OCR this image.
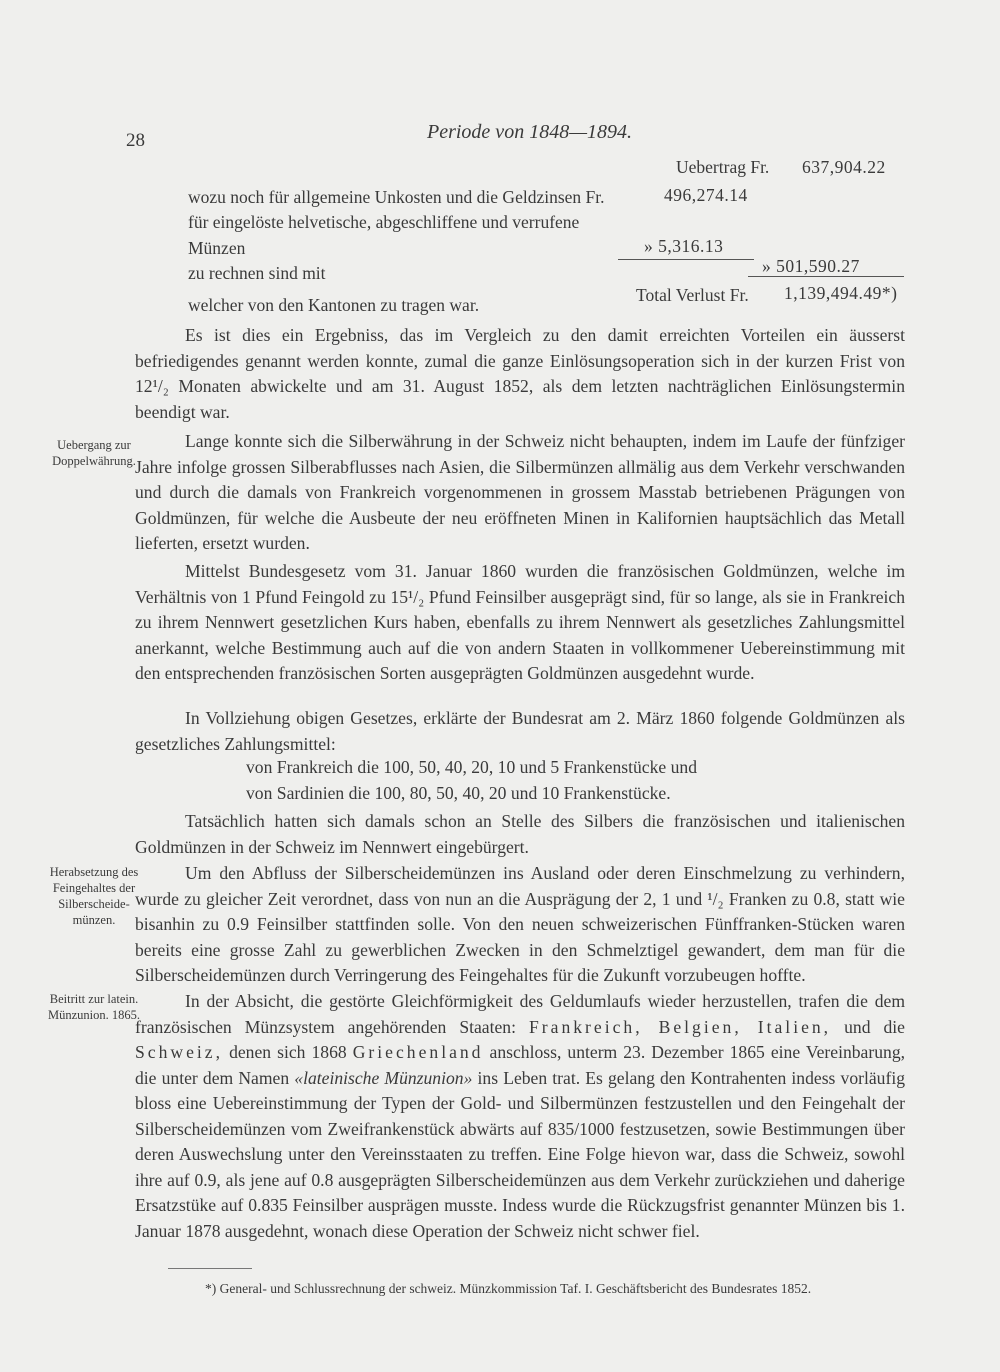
28	Periode von 1848—1894.
Uebertrag Fr. 637,904.22
wozu noch für allgemeine Unkosten und die Geldzinsen Fr.	496,274.14
für eingelöste helvetische, abgeschliffene und verrufene
Münzen	» 5,316.13
zu rechnen sind mit	» 501,590.27
Total Verlust Fr. 1,139,494.49*)
welcher von den Kantonen zu tragen war.
Uebergang zur Doppelwährung.
Herabsetzung des Feingehaltes der Silberscheidemünzen.
Beitritt zur latein. Münzunion. 1865.
Es ist dies ein Ergebniss, das im Vergleich zu den damit erreichten Vorteilen ein äusserst befriedigendes genannt werden konnte, zumal die ganze Einlösungsoperation sich in der kurzen Frist von 12¹/₂ Monaten abwickelte und am 31. August 1852, als dem letzten nachträglichen Einlösungstermin beendigt war.
Lange konnte sich die Silberwährung in der Schweiz nicht behaupten, indem im Laufe der fünfziger Jahre infolge grossen Silberabflusses nach Asien, die Silbermünzen allmälig aus dem Verkehr verschwanden und durch die damals von Frankreich vorgenommenen in grossem Masstab betriebenen Prägungen von Goldmünzen, für welche die Ausbeute der neu eröffneten Minen in Kalifornien hauptsächlich das Metall lieferten, ersetzt wurden.
Mittelst Bundesgesetz vom 31. Januar 1860 wurden die französischen Goldmünzen, welche im Verhältnis von 1 Pfund Feingold zu 15¹/₂ Pfund Feinsilber ausgeprägt sind, für so lange, als sie in Frankreich zu ihrem Nennwert gesetzlichen Kurs haben, ebenfalls zu ihrem Nennwert als gesetzliches Zahlungsmittel anerkannt, welche Bestimmung auch auf die von andern Staaten in vollkommener Uebereinstimmung mit den entsprechenden französischen Sorten ausgeprägten Goldmünzen ausgedehnt wurde.
In Vollziehung obigen Gesetzes, erklärte der Bundesrat am 2. März 1860 folgende Goldmünzen als gesetzliches Zahlungsmittel:
von Frankreich die 100, 50, 40, 20, 10 und 5 Frankenstücke und
von Sardinien die 100, 80, 50, 40, 20 und 10 Frankenstücke.
Tatsächlich hatten sich damals schon an Stelle des Silbers die französischen und italienischen Goldmünzen in der Schweiz im Nennwert eingebürgert.
Um den Abfluss der Silberscheidemünzen ins Ausland oder deren Einschmelzung zu verhindern, wurde zu gleicher Zeit verordnet, dass von nun an die Ausprägung der 2, 1 und ¹/₂ Franken zu 0.8, statt wie bisanhin zu 0.9 Feinsilber stattfinden solle. Von den neuen schweizerischen Fünffranken-Stücken waren bereits eine grosse Zahl zu gewerblichen Zwecken in den Schmelztigel gewandert, dem man für die Silberscheidemünzen durch Verringerung des Feingehaltes für die Zukunft vorzubeugen hoffte.
In der Absicht, die gestörte Gleichförmigkeit des Geldumlaufs wieder herzustellen, trafen die dem französischen Münzsystem angehörenden Staaten: Frankreich, Belgien, Italien, und die Schweiz, denen sich 1868 Griechenland anschloss, unterm 23. Dezember 1865 eine Vereinbarung, die unter dem Namen «lateinische Münzunion» ins Leben trat. Es gelang den Kontrahenten indess vorläufig bloss eine Uebereinstimmung der Typen der Gold- und Silbermünzen festzustellen und den Feingehalt der Silberscheidemünzen vom Zweifrankenstück abwärts auf 835/1000 festzusetzen, sowie Bestimmungen über deren Auswechslung unter den Vereinsstaaten zu treffen. Eine Folge hievon war, dass die Schweiz, sowohl ihre auf 0.9, als jene auf 0.8 ausgeprägten Silberscheidemünzen aus dem Verkehr zurückziehen und daherige Ersatzstüke auf 0.835 Feinsilber ausprägen musste. Indess wurde die Rückzugsfrist genannter Münzen bis 1. Januar 1878 ausgedehnt, wonach diese Operation der Schweiz nicht schwer fiel.
*) General- und Schlussrechnung der schweiz. Münzkommission Taf. I. Geschäftsbericht des Bundesrates 1852.
